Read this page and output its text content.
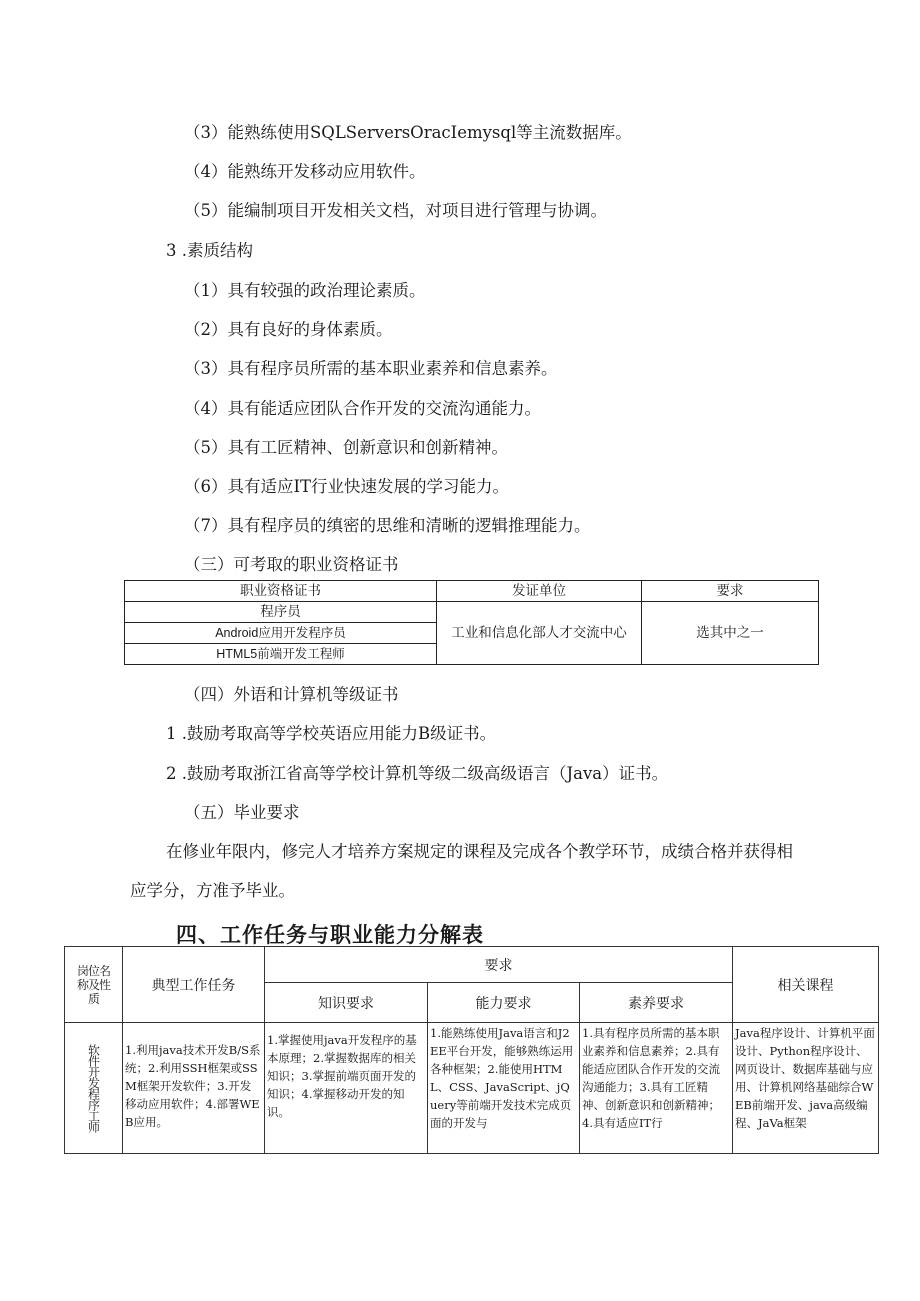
（3）能熟练使用SQLServersOracIemysql等主流数据库。
（4）能熟练开发移动应用软件。
（5）能编制项目开发相关文档，对项目进行管理与协调。
3 .素质结构
（1）具有较强的政治理论素质。
（2）具有良好的身体素质。
（3）具有程序员所需的基本职业素养和信息素养。
（4）具有能适应团队合作开发的交流沟通能力。
（5）具有工匠精神、创新意识和创新精神。
（6）具有适应IT行业快速发展的学习能力。
（7）具有程序员的缜密的思维和清晰的逻辑推理能力。
（三）可考取的职业资格证书
职业资格证书	发证单位	要求
程序员	工业和信息化部人才交流中心	选其中之一
Android应用开发程序员		
HTML5前端开发工程师		
（四）外语和计算机等级证书
1 .鼓励考取高等学校英语应用能力B级证书。
2 .鼓励考取浙江省高等学校计算机等级二级高级语言（Java）证书。
（五）毕业要求
在修业年限内，修完人才培养方案规定的课程及完成各个教学环节，成绩合格并获得相
应学分，方准予毕业。
四、工作任务与职业能力分解表
岗位名称及性质	典型工作任务	要求			相关课程
		知识要求	能力要求	素养要求	

软件开发程序工师	1.利用java技术开发B/S系统；2.利用SSH框架或SSM框架开发软件；3.开发移动应用软件；4.部署WEB应用。	1.掌握使用java开发程序的基本原理；2.掌握数据库的相关知识；3.掌握前端页面开发的知识；4.掌握移动开发的知识。	1.能熟练使用Java语言和J2EE平台开发，能够熟练运用各种框架；2.能使用HTML、CSS、JavaScript、jQuery等前端开发技术完成页面的开发与	1.具有程序员所需的基本职业素养和信息素养；2.具有能适应团队合作开发的交流沟通能力；3.具有工匠精神、创新意识和创新精神；4.具有适应IT行	Java程序设计、计算机平面设计、Python程序设计、网页设计、数据库基础与应用、计算机网络基础综合WEB前端开发、java高级编程、JaVa框架
